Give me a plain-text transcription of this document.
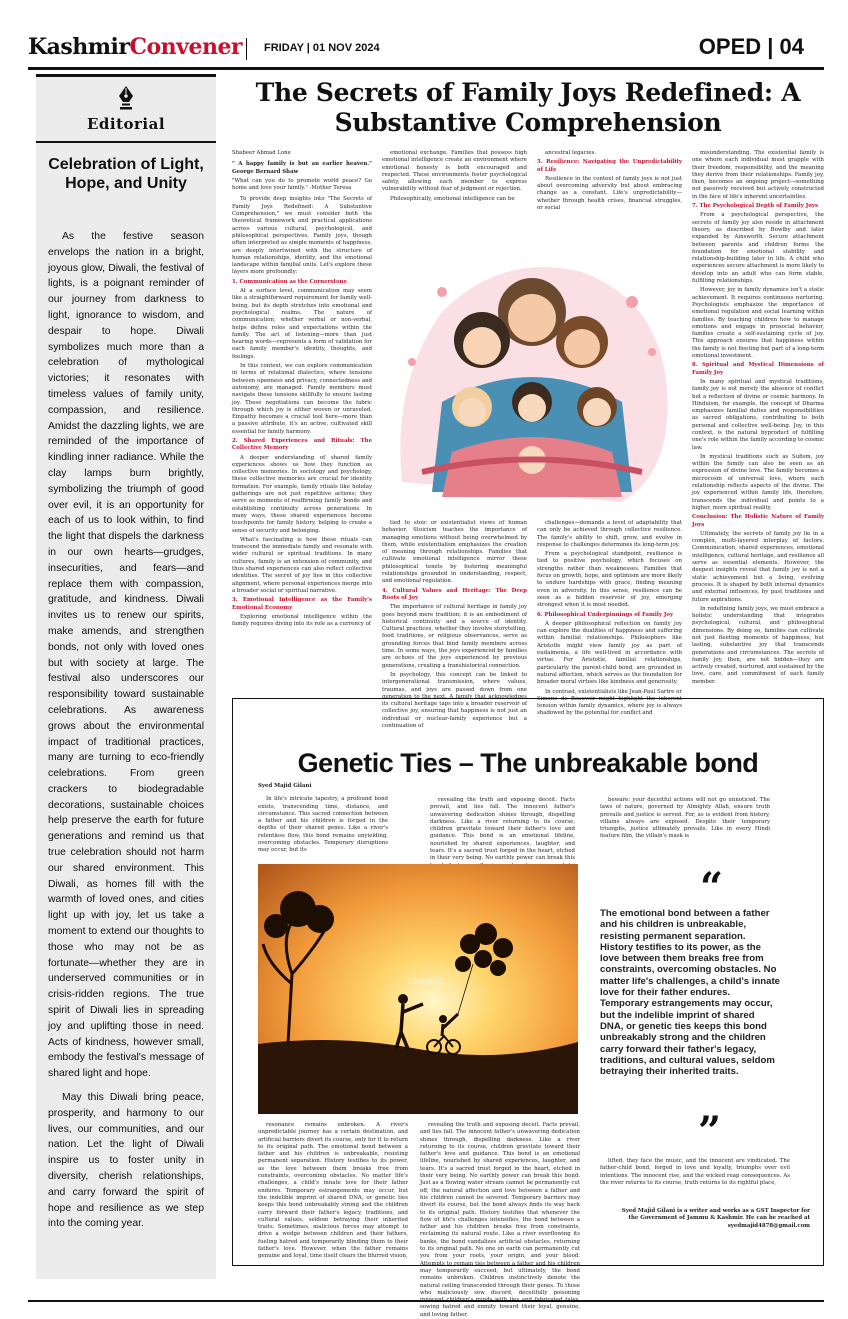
KashmirConvener FRIDAY | 01 NOV 2024	OPED | 04
Editorial
Celebration of Light, Hope, and Unity

As the festive season envelops the nation in a bright, joyous glow, Diwali, the festival of lights, is a poignant reminder of our journey from darkness to light, ignorance to wisdom, and despair to hope. Diwali symbolizes much more than a celebration of mythological victories; it resonates with timeless values of family unity, compassion, and resilience. Amidst the dazzling lights, we are reminded of the importance of kindling inner radiance. While the clay lamps burn brightly, symbolizing the triumph of good over evil, it is an opportunity for each of us to look within, to find the light that dispels the darkness in our own hearts—grudges, insecurities, and fears—and replace them with compassion, gratitude, and kindness. Diwali invites us to renew our spirits, make amends, and strengthen bonds, not only with loved ones but with society at large. The festival also underscores our responsibility toward sustainable celebrations. As awareness grows about the environmental impact of traditional practices, many are turning to eco-friendly celebrations. From green crackers to biodegradable decorations, sustainable choices help preserve the earth for future generations and remind us that true celebration should not harm our shared environment. This Diwali, as homes fill with the warmth of loved ones, and cities light up with joy, let us take a moment to extend our thoughts to those who may not be as fortunate—whether they are in underserved communities or in crisis-ridden regions. The true spirit of Diwali lies in spreading joy and uplifting those in need. Acts of kindness, however small, embody the festival's message of shared light and hope.

May this Diwali bring peace, prosperity, and harmony to our lives, our communities, and our nation. Let the light of Diwali inspire us to foster unity in diversity, cherish relationships, and carry forward the spirit of hope and resilience as we step into the coming year.

The Secrets of Family Joys Redefined: A Substantive Comprehension

Shabeer Ahmad Lone

" A happy family is but an earlier heaven." George Bernard Shaw

"What can you do to promote world peace? Go home and love your family." -Mother Teresa

To provide deep insights into "The Secrets of Family Joys Redefined: A Substantive Comprehension," we must consider both the theoretical framework and practical applications across various cultural, psychological, and philosophical perspectives. Family joys, though often interpreted as simple moments of happiness, are deeply intertwined with the structure of human relationships, identity, and the emotional landscape within familial units. Let's explore these layers more profoundly:

1. Communication as the Cornerstone

At a surface level, communication may seem like a straightforward requirement for family well-being, but its depth stretches into emotional and psychological realms. The nature of communication, whether verbal or non-verbal, helps define roles and expectations within the family. The act of listening—more than just hearing words—represents a form of validation for each family member's identity, thoughts, and feelings.

In this context, we can explore communication in terms of relational dialectics, where tensions between openness and privacy, connectedness and autonomy, are managed. Family members must navigate these tensions skillfully to ensure lasting joy. These negotiations can become the fabric through which joy is either woven or unraveled. Empathy becomes a crucial tool here—more than a passive attribute, it's an active, cultivated skill essential for family harmony.

2. Shared Experiences and Rituals: The Collective Memory

A deeper understanding of shared family experiences shows us how they function as collective memories. In sociology and psychology, these collective memories are crucial for identity formation. For example, family rituals like holiday gatherings are not just repetitive actions; they serve as moments of reaffirming family bonds and establishing continuity across generations. In many ways, these shared experiences become touchpoints for family history, helping to create a sense of security and belonging.

What's fascinating is how these rituals can transcend the immediate family and resonate with wider cultural or spiritual traditions. In many cultures, family is an extension of community, and thus shared experiences can also reflect collective identities. The secret of joy lies in this collective alignment, where personal experiences merge into a broader social or spiritual narrative.

3. Emotional Intelligence as the Family's Emotional Economy

Exploring emotional intelligence within the family requires diving into its role as a currency of

emotional exchange. Families that possess high emotional intelligence create an environment where emotional honesty is both encouraged and respected. These environments foster psychological safety, allowing each member to express vulnerability without fear of judgment or rejection.

Philosophically, emotional intelligence can be

ancestral legacies.

5. Resilience: Navigating the Unpredictability of Life

Resilience in the context of family joys is not just about overcoming adversity but about embracing change as a constant. Life's unpredictability—whether through health crises, financial struggles, or social

tied to stoic or existentialist views of human behavior. Stoicism teaches the importance of managing emotions without being overwhelmed by them, while existentialism emphasizes the creation of meaning through relationships. Families that cultivate emotional intelligence mirror these philosophical tenets by fostering meaningful relationships grounded in understanding, respect, and emotional regulation.

4. Cultural Values and Heritage: The Deep Roots of Joy

The importance of cultural heritage in family joy goes beyond mere tradition; it is an embodiment of historical continuity and a source of identity. Cultural practices, whether they involve storytelling, food traditions, or religious observances, serve as grounding forces that bind family members across time. In some ways, the joys experienced by families are echoes of the joys experienced by previous generations, creating a transhistorical connection.

In psychology, this concept can be linked to intergenerational transmission, where values, traumas, and joys are passed down from one generation to the next. A family that acknowledges its cultural heritage taps into a broader reservoir of collective joy, ensuring that happiness is not just an individual or nuclear-family experience but a continuation of

challenges—demands a level of adaptability that can only be achieved through collective resilience. The family's ability to shift, grow, and evolve in response to challenges determines its long-term joy.

From a psychological standpoint, resilience is tied to positive psychology, which focuses on strengths rather than weaknesses. Families that focus on growth, hope, and optimism are more likely to endure hardships with grace, finding meaning even in adversity. In this sense, resilience can be seen as a hidden reservoir of joy, emerging strongest when it is most needed.

6. Philosophical Underpinnings of Family Joy

A deeper philosophical reflection on family joy can explore the dualities of happiness and suffering within familial relationships. Philosophers like Aristotle might view family joy as part of eudaimonia, a life well-lived in accordance with virtue. For Aristotle, familial relationships, particularly the parent-child bond, are grounded in natural affection, which serves as the foundation for broader moral virtues like kindness and generosity.

In contrast, existentialists like Jean-Paul Sartre or Simone de Beauvoir might highlight the inherent tension within family dynamics, where joy is always shadowed by the potential for conflict and

misunderstanding. The existential family is one where each individual must grapple with their freedom, responsibility, and the meaning they derive from their relationships. Family joy, then, becomes an ongoing project—something not passively received but actively constructed in the face of life's inherent uncertainties.

7. The Psychological Depth of Family Joys

From a psychological perspective, the secrets of family joy also reside in attachment theory, as described by Bowlby and later expanded by Ainsworth. Secure attachment between parents and children forms the foundation for emotional stability and relationship-building later in life. A child who experiences secure attachment is more likely to develop into an adult who can form stable, fulfilling relationships.

However, joy in family dynamics isn't a static achievement. It requires continuous nurturing. Psychologists emphasize the importance of emotional regulation and social learning within families. By teaching children how to manage emotions and engage in prosocial behavior, families create a self-sustaining cycle of joy. This approach ensures that happiness within the family is not fleeting but part of a long-term emotional investment.

8. Spiritual and Mystical Dimensions of Family Joy

In many spiritual and mystical traditions, family joy is not merely the absence of conflict but a reflection of divine or cosmic harmony. In Hinduism, for example, the concept of Dharma emphasizes familial duties and responsibilities as sacred obligations, contributing to both personal and collective well-being. Joy, in this context, is the natural byproduct of fulfilling one's role within the family according to cosmic law.

In mystical traditions such as Sufism, joy within the family can also be seen as an expression of divine love. The family becomes a microcosm of universal love, where each relationship reflects aspects of the divine. The joy experienced within family life, therefore, transcends the individual and points to a higher, more spiritual reality.

Conclusion: The Holistic Nature of Family Joys

Ultimately, the secrets of family joy lie in a complex, multi-layered interplay of factors. Communication, shared experiences, emotional intelligence, cultural heritage, and resilience all serve as essential elements. However, the deepest insights reveal that family joy is not a static achievement but a living, evolving process. It is shaped by both internal dynamics and external influences, by past traditions and future aspirations.

In redefining family joys, we must embrace a holistic understanding that integrates psychological, cultural, and philosophical dimensions. By doing so, families can cultivate not just fleeting moments of happiness, but lasting, substantive joy that transcends generations and circumstances. The secrets of family joy, then, are not hidden—they are actively created, nurtured, and sustained by the love, care, and commitment of each family member.

Genetic Ties – The unbreakable bond

Syed Majid Gilani

In life's intricate tapestry, a profound bond exists, transcending time, distance, and circumstance. This sacred connection between a father and his children is forged in the depths of their shared genes. Like a river's relentless flow, this bond remains unyielding, overcoming obstacles. Temporary disruptions may occur, but its

revealing the truth and exposing deceit. Facts prevail, and lies fall. The innocent father's unwavering dedication shines through, dispelling darkness. Like a river returning to its course, children gravitate toward their father's love and guidance. This bond is an emotional lifeline, nourished by shared experiences, laughter, and tears. It's a sacred trust forged in the heart, etched in their very being. No earthly power can break this

beware: your deceitful actions will not go unnoticed. The laws of nature, governed by Almighty Allah, ensure truth prevails and justice is served. For, as is evident from history, villains always are exposed. Despite their temporary triumphs, justice ultimately prevails. Like in every Hindi feature film, the villain's mask is

Lovepik
“
The emotional bond between a father and his children is unbreakable, resisting permanent separation. History testifies to its power, as the love between them breaks free from constraints, overcoming obstacles. No matter life's challenges, a child's innate love for their father endures. Temporary estrangements may occur, but the indelible imprint of shared DNA, or genetic ties keeps this bond unbreakably strong and the children carry forward their father's legacy, traditions, and cultural values, seldom betraying their inherited traits.
”

resonance remains unbroken. A river's unpredictable journey has a certain destination, and artificial barriers divert its course, only for it to return to its original path. The emotional bond between a father and his children is unbreakable, resisting permanent separation. History testifies to its power, as the love between them breaks free from constraints, overcoming obstacles. No matter life's challenges, a child's innate love for their father endures. Temporary estrangements may occur, but the indelible imprint of shared DNA, or genetic ties keeps this bond unbreakably strong and the children carry forward their father's legacy, traditions, and cultural values, seldom betraying their inherited traits. Sometimes, malicious forces may attempt to drive a wedge between children and their fathers, fueling hatred and temporarily blinding them to their father's love. However, when the father remains genuine and loyal, time itself clears the blurred vision,

revealing the truth and exposing deceit. Facts prevail, and lies fall. The innocent father's unwavering dedication shines through, dispelling darkness. Like a river returning to its course, children gravitate toward their father's love and guidance. This bond is an emotional lifeline, nourished by shared experiences, laughter, and tears. It's a sacred trust forged in the heart, etched in their very being. No earthly power can break this bond. Just as a flowing water stream cannot be permanently cut off, the natural affection and love between a father and his children cannot be severed. Temporary barriers may divert its course, but the bond always finds its way back to its original path. History testifies that whenever the flow of life's challenges intensifies, the bond between a father and his children breaks free from constraints, reclaiming its natural route. Like a river overflowing its banks, the bond vandalizes artificial obstacles, returning to its original path. No one on earth can permanently cut you from your roots, your origin, and your blood. Attempts to remain ties between a father and his children may temporarily succeed, but ultimately, the bond remains unbroken. Children instinctively denote the natural ceiling transcended through their genes. To those who maliciously sow discord, deceitfully poisoning sowing hatred and enmity toward their loyal, genuine, and loving father,

lifted, they face the music, and the innocent are vindicated. The father-child bond, forged in love and loyalty, triumphs over evil intentions. The innocent rise, and the wicked reap consequences. As the river returns to its course, truth returns to its rightful place,

Syed Majid Gilani is a writer and works as a GST Inspector for the Government of Jammu & Kashmir. He can be reached at syedmajid4878@gmail.com
